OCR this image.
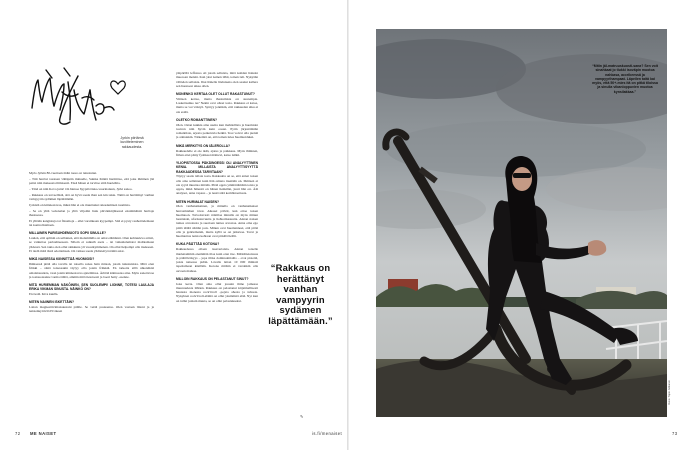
Jyrkin piirtämä kuvitteleminen rakkaudesta.

Myös Jyrkin 80-vuotiaan äidin tuore on tutustunut.

– Tüti herrtui tasaisen vähäpöin minuelle, Suinka hänitä harmittaa, että joku ihminen jää paitsi niin makeasta ihmisestä. Ensä hänen ei tarvitse siitä huolehtia.

– Tänä on niin Kova jutta! On hienoa hyypää täsko-vuorinatuun, Jyrki sanoo.

– Rakkaus on terveellistä, sitä on hyvä saada ihan sen kin takia. Tämä on herättänyt vanhan vampyyrin sydämen läpättämään.

Jyrkistä on kiinnostavaa, miksi hän ei ole muuttunut rakastumisen tuomista.

– Se on yhtä vedonalan ja yhtä viljoitin hutu päivänkirjäisessä ensimmäisiä herttaja ihastuessa.

Ei yhtään kangistuja tai filosmoja – ellei varsinkaan kyypempi. Siiä ei pysty rauhoittelemaan tai kontrolloimaan.

MILLAINEN PARISUHDEMUOTO SOPII SINULLE?

Luulen, että oplinin on sellainen, että molemmilla on omat elämänsä. Olen kohtuuleva artisti, se vaikuttaa parisuhteeseen. Silloin ei saikuih aseis – tai vaikuttelematst maltkamaan yhdessä. Sen takia olen ollut sinkkuna yli vuosikymmenen. On ollut helpompi olla itsekseen. Ei tiedä mitä tästä odottamaan. On vaikea saada yhdistettyä nämä asiat.

MIKÄ NAISESSA KIINNITTÄÄ HUOMIOSI?

Ihmisessä pitää olla tavalla tai toisella sanaa hain mitaan, jotain tutustuisista. Mitä olen fritkki – siinä toisessakin täytyy olla jotain friikkiä. En tarkoita sillä ulkonäköä omalaisuudeta, vaan jotain kiinnostavaa ajatelmissa. Ärittää kiinnostaa aina. Mytu sanottavaa ja tosisuotaanne varma täältä, ammin mitä tietoisesti ja boeri heity -asenne.

MITÄ HURIEMMAN NÄKÖINEN, SEN SUOLEMPI! LIONNE, TOTESI LAULAJA ERIKA VIKMAN SINUSTA. NÄINKÖ ON?

En tiedä. Kiva kuulla.

MITEN NAIINEN ISKETTÄIN?

Laitan magneettivimaisuustani päälle. Se vetää puoleensa. Olen vastaan liitoni ja ja naistenkyirivää Elvikeen

ympärillä leffoissa oli jotain sellaista, mitä kohden halusin muoroan mennä. Kun yksi nainen lähti, toinen tuli. Nykyään välttelen sellaista. Ihoi hänelle lindaisena olen saanut kallera sen huonoon aikaa ollen.

MONENKO KERTAA OLET OLLUT RAKASTUNUT?

Viitisen kertaa, mutta ihastumisia on suurempia. Laskettaanko ne? Nekin ovat olleet tosia. Rakkaus ei katoa, mutta se voi väistyä. Syntyy jonnikin, että rakkauden alku ei ole estää.

OLETKO ROMANTTINEN?

Olen. Ostan kukkia aina useita kun mahdollista ja huomioin tosiven niin hyvin kuin osaan. Pyrin järjestämään romanttisia, arjesta poiketuvia hetkiä. Teot voivat olla pieniä ja arkisiakin. Tärkeintä on, että toinen tulee huomioiduksi.

MIKÄ MERKITYS ON IÄLEROLLA?

Rakkaudelle ei ole ikää, ajatus ja paikkaus. Myös ihminen, fiiben ettei pääty fysiikasi määrevi, katso nälkä.

YLIOPISTOSSA PÄKÄINGESSI OLI ANALYYTTINEN KENIA. MILLAISTA ANALYYTTISYYTTÄ RAKKAUDESSA TARVITAAN?

Täytyy saada tallata tosta. Rakkautta on se, että annat toisen olla aina sellainen kuin hän omana itsenään on. Ihmisen ei ole syytä muuttaa mitään. Pitää oppia ymmärtämään toista ja oppia, mikä hänestä on hänen henkilön, juuri hän on. Älä analysoi, anna vapaus – ja nauti siitä kombinaatiosta.

MITEN HURMAAT NAISEN?

Olen vanhanaikainen, ja minulla on vanhanaikaiset herrasmiehen tavat. Aikaset päivät, kun otiaa toisen huomioon. Toivottavasti rönttilaa minulla on myös minun luontaisin, ufarisutavuutta ja hohtorikasuutta. Annan naisen tuntea arvostusta ja suoriaan tuntea arvostaa. Anna oma ego pitää täältä silmän pois. Minun ovat huomanneet, että pitää olla ja gentlemanni, mutta kyllä se on jatkuvaa. Tavat ja huomioitus naista kohtaan ovat pitkälä heillä.

KUKA PÄÄTTÄÄ KOTONA?

Rakkaudessa ollaan tasavertaisia. Annan toiselle mielenammin enemmän tilaa kuin otan itse. Määrätietoisuus ja päättäväisyys – jopa tiltka dominointialtis – ovat pistettä, joista naisessa pidän. Lavalla laitan 10 000 ihmistä tapettamaan käsilään. Kotona mitään ei varsinkin olla ouvaan matkaa.

MILLOIN RAKKAUS ON PELASTANUT SINUT?

Joka kerta. Olen aina ollut jossain ihme jamassa muuruudesta lähtien. Rakkaus on pelastanut kirjaimellisesti hautesta monesta rock'n'roll -pojsta ahosta ja tuhosta. Nykyinen rock'n'roll-elämä on ollut yksinäistä elää. Nyt kun on tullut joinain muuta, se on ollut pelastukseksi.

“Rakkaus on herättänyt vanhan vampyyrin sydämen läpättämään.”
“Mitin jäl-matruuskuosti-sana? Sen voit sinahkaat jo tiukki isoväpin muotoa nahkasa, accrikeessä ja vampyyrihampaat. Läpeilen taitä kai myös, että 50+-mies itä on pitkä tiloissa ja sinulla vibanloppuvien muotoa kynsilakkaa.”
Kuva: Tapio Julkunen
72 ME NAISET	is.fi/menaiset	73
✎
